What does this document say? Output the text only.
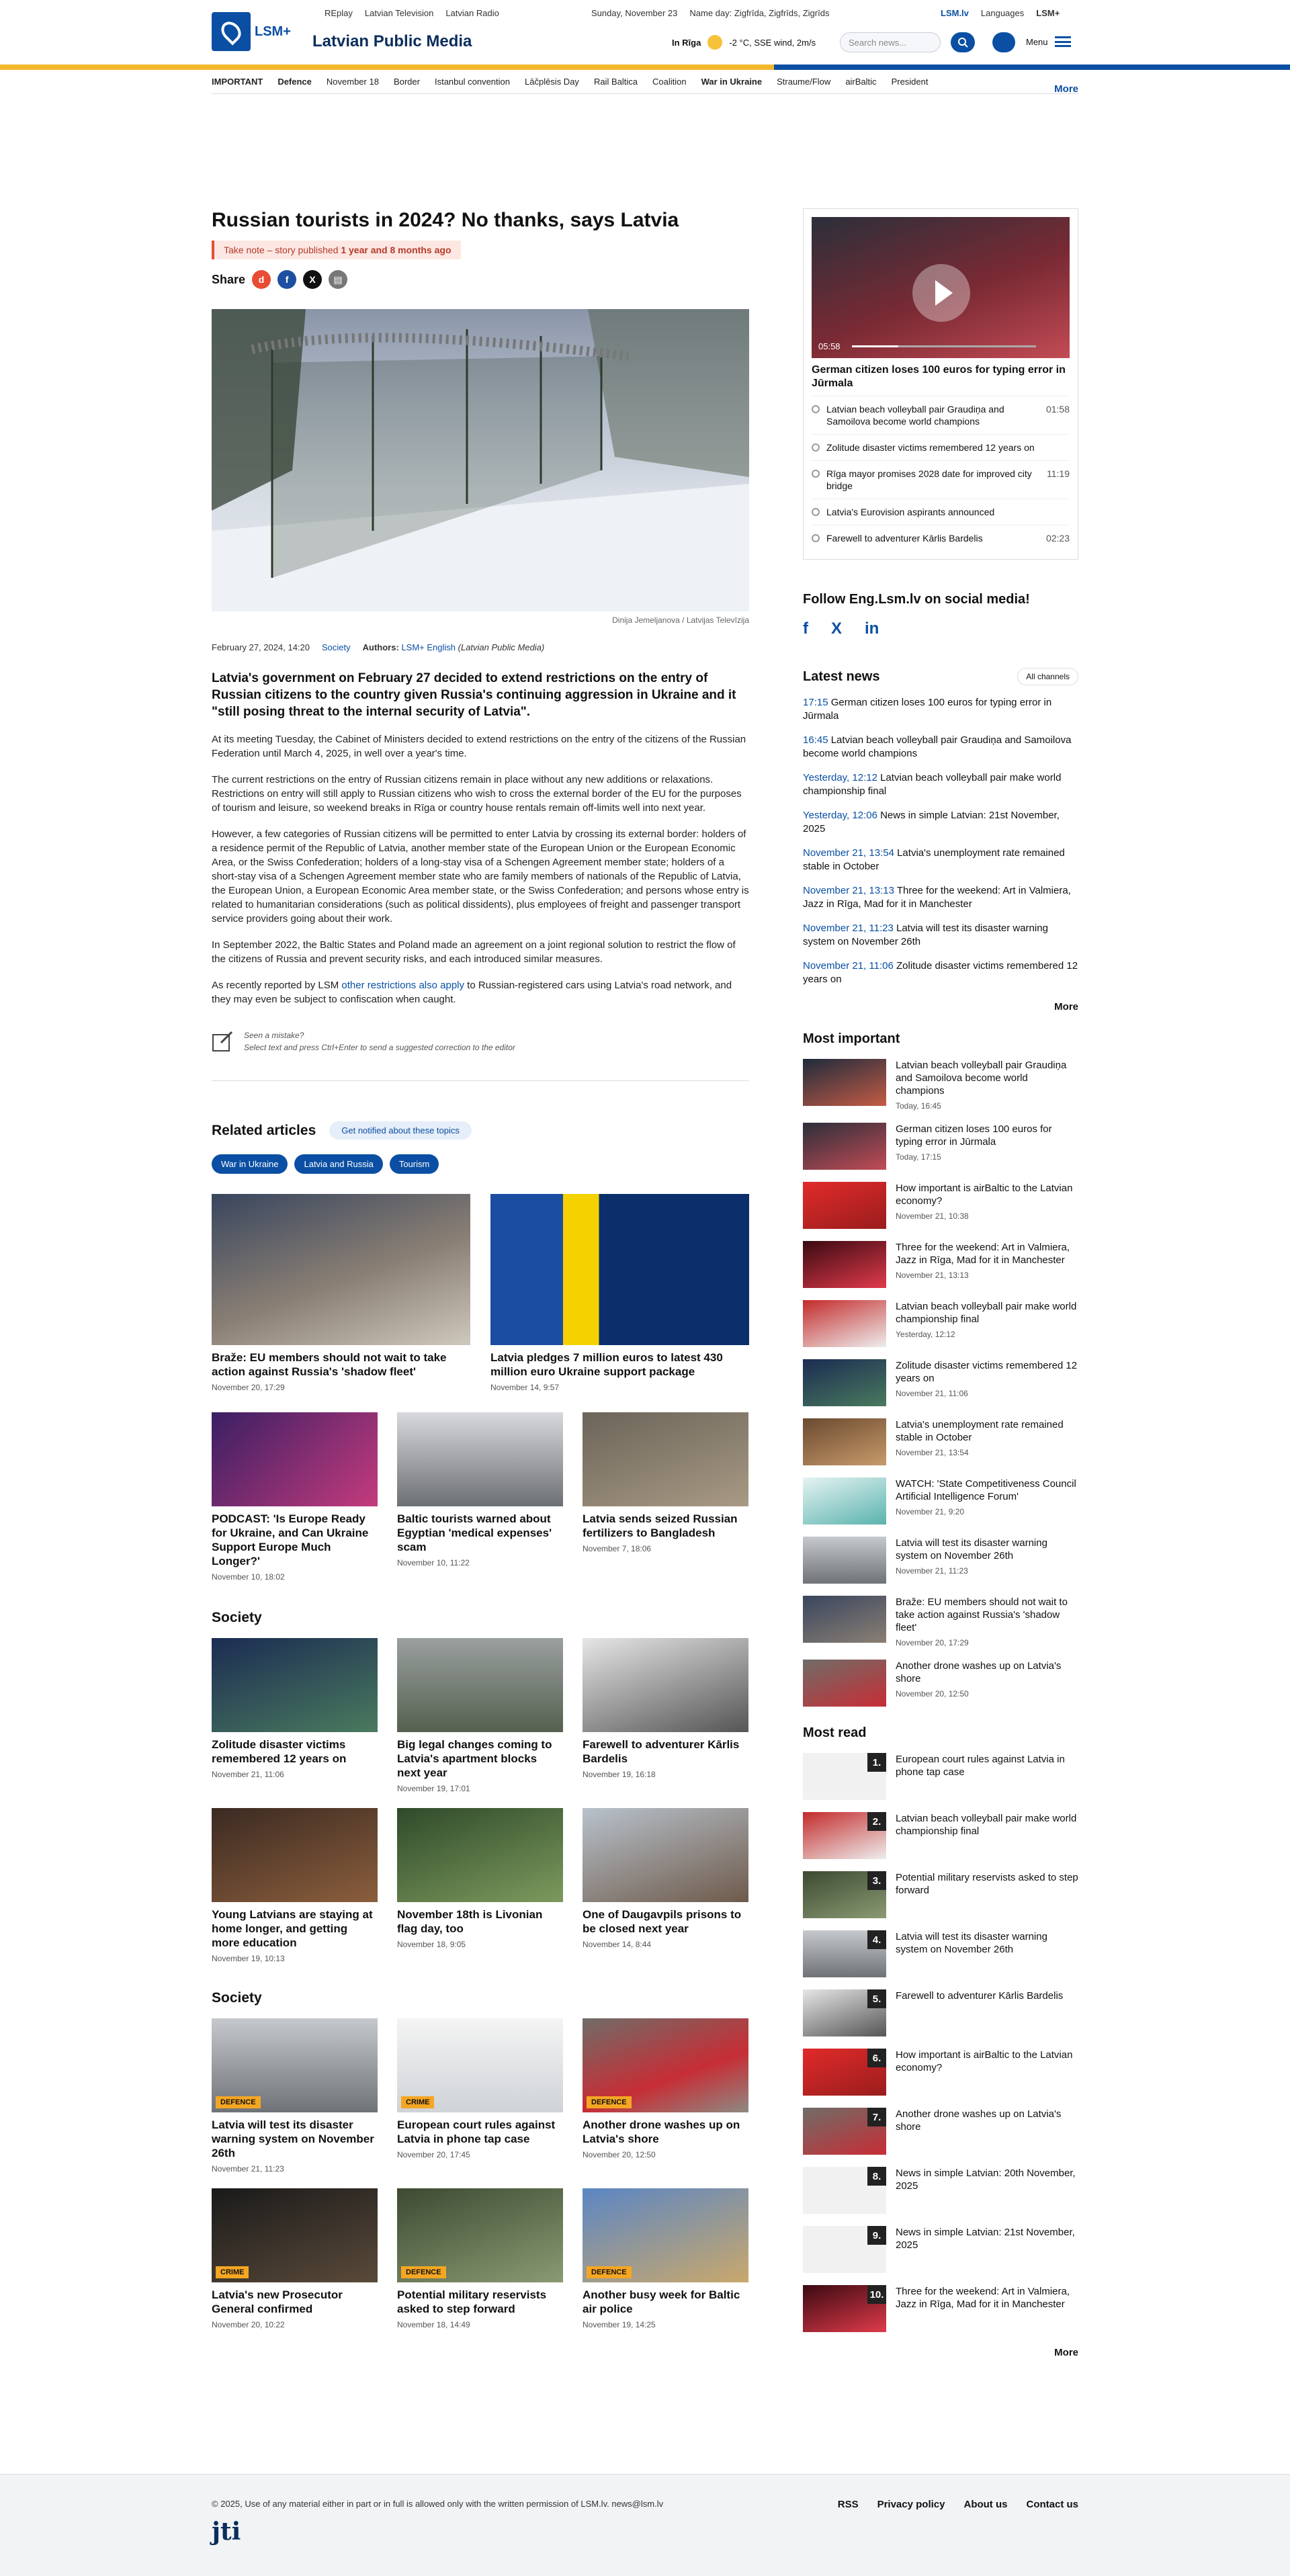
LSM+
Latvian Public Media
REplay Latvian Television Latvian Radio	Sunday, November 23 Name day: Zigfrīda, Zigfrīds, Zigrīds	LSM.lv Languages LSM+
In Rīga	-2 °C, SSE wind, 2m/s	Search news...	Menu
IMPORTANT Defence November 18 Border Istanbul convention Lāčplēsis Day Rail Baltica Coalition War in Ukraine Straume/Flow airBaltic President
More
Russian tourists in 2024? No thanks, says Latvia
Take note – story published 1 year and 8 months ago
Share	d	f	X	▤
Dinija Jemeljanova / Latvijas Televīzija
February 27, 2024, 14:20 Society Authors: LSM+ English (Latvian Public Media)
Latvia's government on February 27 decided to extend restrictions on the entry of Russian citizens to the country given Russia's continuing aggression in Ukraine and it "still posing threat to the internal security of Latvia".

At its meeting Tuesday, the Cabinet of Ministers decided to extend restrictions on the entry of the citizens of the Russian Federation until March 4, 2025, in well over a year's time.

The current restrictions on the entry of Russian citizens remain in place without any new additions or relaxations. Restrictions on entry will still apply to Russian citizens who wish to cross the external border of the EU for the purposes of tourism and leisure, so weekend breaks in Rīga or country house rentals remain off-limits well into next year.

However, a few categories of Russian citizens will be permitted to enter Latvia by crossing its external border: holders of a residence permit of the Republic of Latvia, another member state of the European Union or the European Economic Area, or the Swiss Confederation; holders of a long-stay visa of a Schengen Agreement member state; holders of a short-stay visa of a Schengen Agreement member state who are family members of nationals of the Republic of Latvia, the European Union, a European Economic Area member state, or the Swiss Confederation; and persons whose entry is related to humanitarian considerations (such as political dissidents), plus employees of freight and passenger transport service providers going about their work.

In September 2022, the Baltic States and Poland made an agreement on a joint regional solution to restrict the flow of the citizens of Russia and prevent security risks, and each introduced similar measures.

As recently reported by LSM other restrictions also apply to Russian-registered cars using Latvia's road network, and they may even be subject to confiscation when caught.

Seen a mistake?
Select text and press Ctrl+Enter to send a suggested correction to the editor
Related articles	Get notified about these topics
War in Ukraine	Latvia and Russia	Tourism
Braže: EU members should not wait to take action against Russia's 'shadow fleet'
November 20, 17:29
Latvia pledges 7 million euros to latest 430 million euro Ukraine support package
November 14, 9:57
PODCAST: 'Is Europe Ready for Ukraine, and Can Ukraine Support Europe Much Longer?'
November 10, 18:02
Baltic tourists warned about Egyptian 'medical expenses' scam
November 10, 11:22
Latvia sends seized Russian fertilizers to Bangladesh
November 7, 18:06
Society
Zolitude disaster victims remembered 12 years on
November 21, 11:06
Big legal changes coming to Latvia's apartment blocks next year
November 19, 17:01
Farewell to adventurer Kārlis Bardelis
November 19, 16:18
Young Latvians are staying at home longer, and getting more education
November 19, 10:13
November 18th is Livonian flag day, too
November 18, 9:05
One of Daugavpils prisons to be closed next year
November 14, 8:44
Society
DEFENCE
Latvia will test its disaster warning system on November 26th
November 21, 11:23
CRIME
European court rules against Latvia in phone tap case
November 20, 17:45
DEFENCE
Another drone washes up on Latvia's shore
November 20, 12:50
CRIME
Latvia's new Prosecutor General confirmed
November 20, 10:22
DEFENCE
Potential military reservists asked to step forward
November 18, 14:49
DEFENCE
Another busy week for Baltic air police
November 19, 14:25
05:58
German citizen loses 100 euros for typing error in Jūrmala
Latvian beach volleyball pair Graudiņa and Samoilova become world champions
01:58
Zolitude disaster victims remembered 12 years on
Rīga mayor promises 2028 date for improved city bridge
11:19
Latvia's Eurovision aspirants announced
Farewell to adventurer Kārlis Bardelis	02:23
Follow Eng.Lsm.lv on social media!
f X in
Latest news	All channels
17:15 German citizen loses 100 euros for typing error in Jūrmala
16:45 Latvian beach volleyball pair Graudiņa and Samoilova become world champions
Yesterday, 12:12 Latvian beach volleyball pair make world championship final
Yesterday, 12:06 News in simple Latvian: 21st November, 2025
November 21, 13:54 Latvia's unemployment rate remained stable in October
November 21, 13:13 Three for the weekend: Art in Valmiera, Jazz in Rīga, Mad for it in Manchester
November 21, 11:23 Latvia will test its disaster warning system on November 26th
November 21, 11:06 Zolitude disaster victims remembered 12 years on
More
Most important
Latvian beach volleyball pair Graudiņa and Samoilova become world champions
Today, 16:45
German citizen loses 100 euros for typing error in Jūrmala
Today, 17:15
How important is airBaltic to the Latvian economy?
November 21, 10:38
Three for the weekend: Art in Valmiera, Jazz in Rīga, Mad for it in Manchester
November 21, 13:13
Latvian beach volleyball pair make world championship final
Yesterday, 12:12
Zolitude disaster victims remembered 12 years on
November 21, 11:06
Latvia's unemployment rate remained stable in October
November 21, 13:54
WATCH: 'State Competitiveness Council Artificial Intelligence Forum'
November 21, 9:20
Latvia will test its disaster warning system on November 26th
November 21, 11:23
Braže: EU members should not wait to take action against Russia's 'shadow fleet'
November 20, 17:29
Another drone washes up on Latvia's shore
November 20, 12:50
Most read
1.	European court rules against Latvia in phone tap case
2.	Latvian beach volleyball pair make world championship final
3.	Potential military reservists asked to step forward
4.	Latvia will test its disaster warning system on November 26th
5.	Farewell to adventurer Kārlis Bardelis
6.	How important is airBaltic to the Latvian economy?
7.	Another drone washes up on Latvia's shore
8.	News in simple Latvian: 20th November, 2025
9.	News in simple Latvian: 21st November, 2025
10. Three for the weekend: Art in Valmiera, Jazz in Rīga, Mad for it in Manchester
More
© 2025, Use of any material either in part or in full is allowed only with the written permission of LSM.lv. news@lsm.lv	RSS Privacy policy About us Contact us
jti
